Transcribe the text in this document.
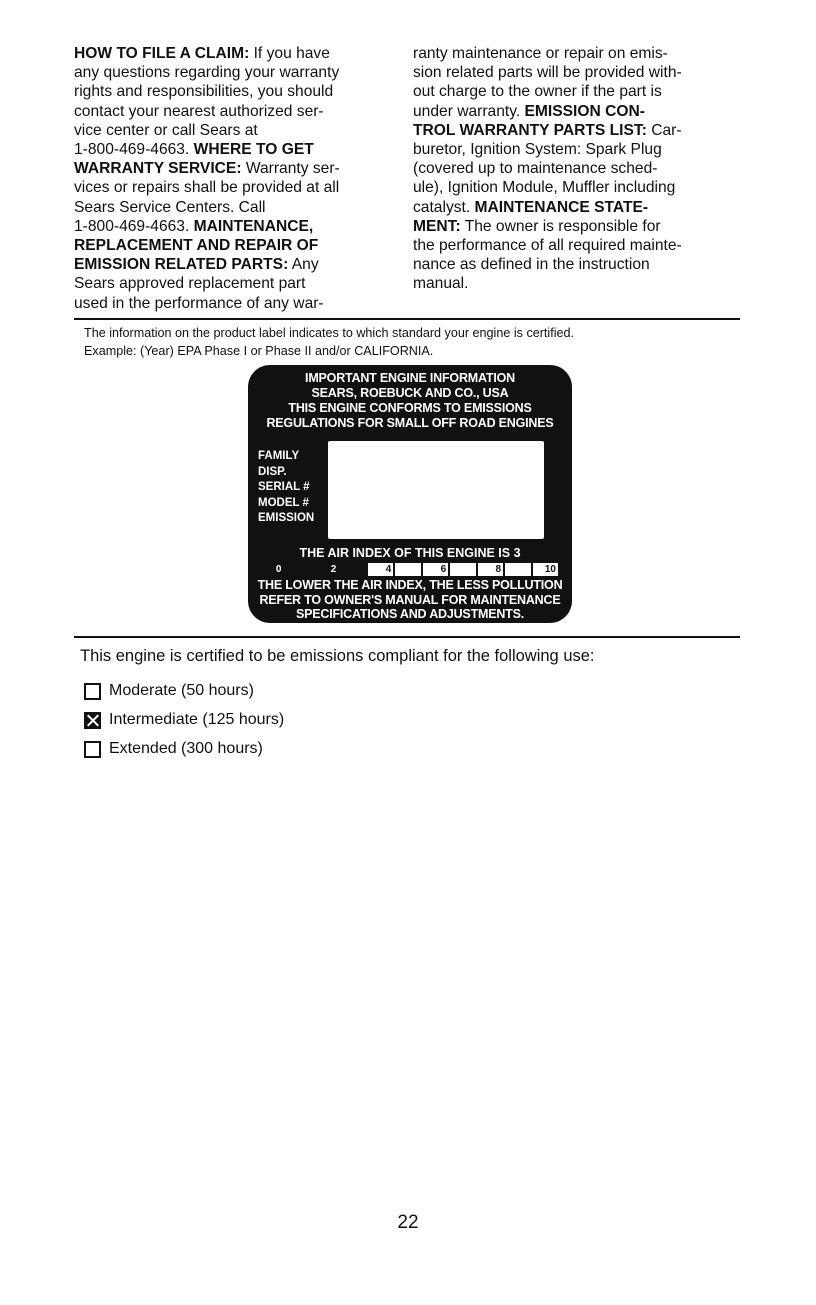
HOW TO FILE A CLAIM: If you have
any questions regarding your warranty
rights and responsibilities, you should
contact your nearest authorized ser-
vice center or call Sears at
1-800-469-4663. WHERE TO GET
WARRANTY SERVICE: Warranty ser-
vices or repairs shall be provided at all
Sears Service Centers. Call
1-800-469-4663. MAINTENANCE,
REPLACEMENT AND REPAIR OF
EMISSION RELATED PARTS: Any
Sears approved replacement part
used in the performance of any war-
ranty maintenance or repair on emis-
sion related parts will be provided with-
out charge to the owner if the part is
under warranty. EMISSION CON-
TROL WARRANTY PARTS LIST: Car-
buretor, Ignition System: Spark Plug
(covered up to maintenance sched-
ule), Ignition Module, Muffler including
catalyst. MAINTENANCE STATE-
MENT: The owner is responsible for
the performance of all required mainte-
nance as defined in the instruction
manual.
The information on the product label indicates to which standard your engine is certified.
Example: (Year) EPA Phase I or Phase II and/or CALIFORNIA.
IMPORTANT ENGINE INFORMATION
SEARS, ROEBUCK AND CO., USA
THIS ENGINE CONFORMS TO EMISSIONS
REGULATIONS FOR SMALL OFF ROAD ENGINES
FAMILY
DISP.
SERIAL #
MODEL #
EMISSION
THE AIR INDEX OF THIS ENGINE IS 3
0	2	4	6	8	10
THE LOWER THE AIR INDEX, THE LESS POLLUTION
REFER TO OWNER'S MANUAL FOR MAINTENANCE
SPECIFICATIONS AND ADJUSTMENTS.
This engine is certified to be emissions compliant for the following use:
Moderate (50 hours)
Intermediate (125 hours)
Extended (300 hours)
22
